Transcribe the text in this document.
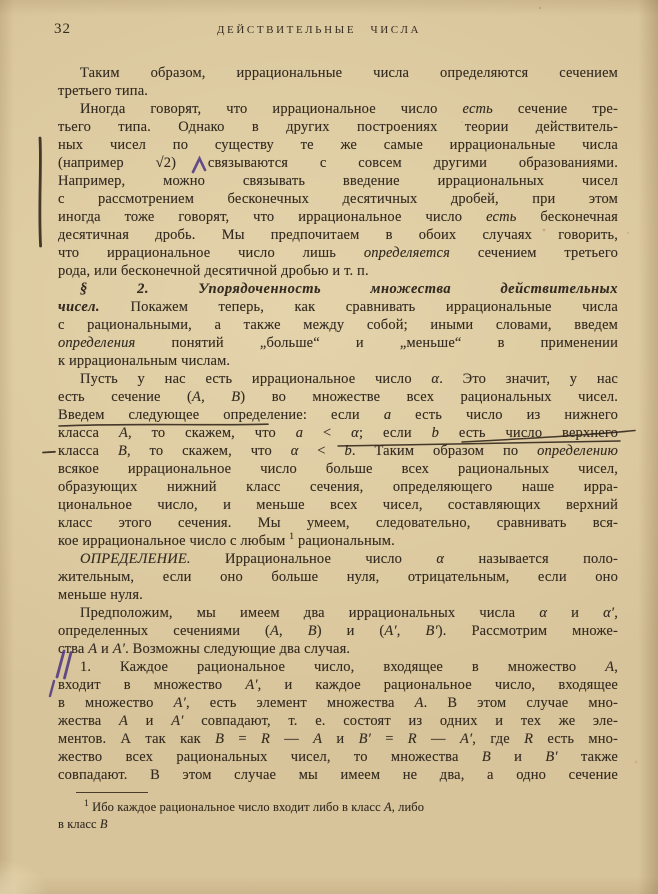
32	ДЕЙСТВИТЕЛЬНЫЕ ЧИСЛА
Таким образом, иррациональные числа определяются сечением
третьего типа.
Иногда говорят, что иррациональное число есть сечение тре-
тьего типа. Однако в других построениях теории действитель-
ных чисел по существу те же самые иррациональные числа
(например √2) связываются с совсем другими образованиями.
Например, можно связывать введение иррациональных чисел
с рассмотрением бесконечных десятичных дробей, при этом
иногда тоже говорят, что иррациональное число есть бесконечная
десятичная дробь. Мы предпочитаем в обоих случаях говорить,
что иррациональное число лишь определяется сечением третьего
рода, или бесконечной десятичной дробью и т. п.
§ 2. Упорядоченность множества действительных
чисел. Покажем теперь, как сравнивать иррациональные числа
с рациональными, а также между собой; иными словами, введем
определения понятий „больше“ и „меньше“ в применении
к иррациональным числам.
Пусть у нас есть иррациональное число α. Это значит, у нас
есть сечение (A, B) во множестве всех рациональных чисел.
Введем следующее определение: если a есть число из нижнего
класса A, то скажем, что a < α; если b есть число верхнего
класса B, то скажем, что α < b. Таким образом по определению
всякое иррациональное число больше всех рациональных чисел,
образующих нижний класс сечения, определяющего наше ирра-
циональное число, и меньше всех чисел, составляющих верхний
класс этого сечения. Мы умеем, следовательно, сравнивать вся-
кое иррациональное число с любым $^1$ рациональным.
ОПРЕДЕЛЕНИЕ. Иррациональное число α называется поло-
жительным, если оно больше нуля, отрицательным, если оно
меньше нуля.
Предположим, мы имеем два иррациональных числа α и α′,
определенных сечениями (A, B) и (A′, B′). Рассмотрим множе-
ства A и A′. Возможны следующие два случая.
1. Каждое рациональное число, входящее в множество A,
входит в множество A′, и каждое рациональное число, входящее
в множество A′, есть элемент множества A. В этом случае мно-
жества A и A′ совпадают, т. е. состоят из одних и тех же эле-
ментов. А так как B = R — A и B′ = R — A′, где R есть мно-
жество всех рациональных чисел, то множества B и B′ также
совпадают. В этом случае мы имеем не два, а одно сечение
$^1$ Ибо каждое рациональное число входит либо в класс A, либо
в класс B
